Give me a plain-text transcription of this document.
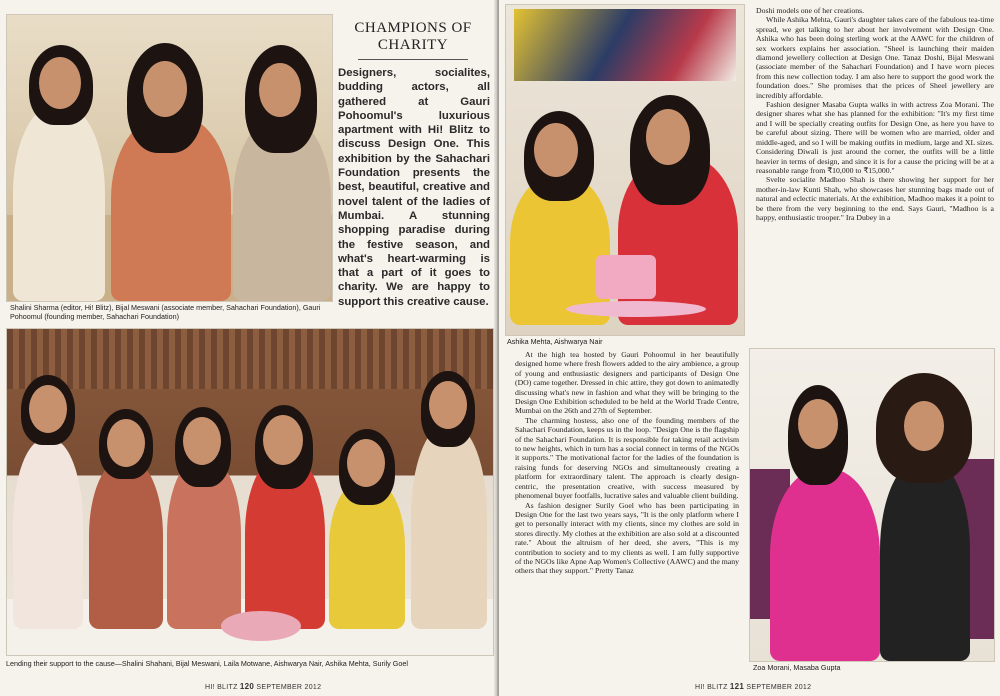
Shalini Sharma (editor, Hi! Blitz), Bijal Meswani (associate member, Sahachari Foundation), Gauri Pohoomul (founding member, Sahachari Foundation)
CHAMPIONS OF CHARITY
Designers, socialites, budding actors, all gathered at Gauri Pohoomul's luxurious apartment with Hi! Blitz to discuss Design One. This exhibition by the Sahachari Foundation presents the best, beautiful, creative and novel talent of the ladies of Mumbai. A stunning shopping paradise during the festive season, and what's heart-warming is that a part of it goes to charity. We are happy to support this creative cause.
Lending their support to the cause—Shalini Shahani, Bijal Meswani, Laila Motwane, Aishwarya Nair, Ashika Mehta, Surily Goel
HI! BLITZ 120 SEPTEMBER 2012
Ashika Mehta, Aishwarya Nair

Doshi models one of her creations.

While Ashika Mehta, Gauri's daughter takes care of the fabulous tea-time spread, we get talking to her about her involvement with Design One. Ashika who has been doing sterling work at the AAWC for the children of sex workers explains her association. "Sheel is launching their maiden diamond jewellery collection at Design One. Tanaz Doshi, Bijal Meswani (associate member of the Sahachari Foundation) and I have worn pieces from this new collection today. I am also here to support the good work the foundation does." She promises that the prices of Sheel jewellery are incredibly affordable.

Fashion designer Masaba Gupta walks in with actress Zoa Morani. The designer shares what she has planned for the exhibition: "It's my first time and I will be specially creating outfits for Design One, as here you have to be careful about sizing. There will be women who are married, older and middle-aged, and so I will be making outfits in medium, large and XL sizes. Considering Diwali is just around the corner, the outfits will be a little heavier in terms of design, and since it is for a cause the pricing will be at a reasonable range from ₹10,000 to ₹15,000."

Svelte socialite Madhoo Shah is there showing her support for her mother-in-law Kunti Shah, who showcases her stunning bags made out of natural and eclectic materials. At the exhibition, Madhoo makes it a point to be there from the very beginning to the end. Says Gauri, "Madhoo is a happy, enthusiastic trooper." Ira Dubey in a

At the high tea hosted by Gauri Pohoomul in her beautifully designed home where fresh flowers added to the airy ambience, a group of young and enthusiastic designers and participants of Design One (DO) came together. Dressed in chic attire, they got down to animatedly discussing what's new in fashion and what they will be bringing to the Design One Exhibition scheduled to be held at the World Trade Centre, Mumbai on the 26th and 27th of September.

The charming hostess, also one of the founding members of the Sahachari Foundation, keeps us in the loop. "Design One is the flagship of the Sahachari Foundation. It is responsible for taking retail activism to new heights, which in turn has a social connect in terms of the NGOs it supports." The motivational factor for the ladies of the foundation is raising funds for deserving NGOs and simultaneously creating a platform for extraordinary talent. The approach is clearly design-centric, the presentation creative, with success measured by phenomenal buyer footfalls, lucrative sales and valuable client building.

As fashion designer Surily Goel who has been participating in Design One for the last two years says, "It is the only platform where I get to personally interact with my clients, since my clothes are sold in stores directly. My clothes at the exhibition are also sold at a discounted rate." About the altruism of her deed, she avers, "This is my contribution to society and to my clients as well. I am fully supportive of the NGOs like Apne Aap Women's Collective (AAWC) and the many others that they support." Pretty Tanaz

Zoa Morani, Masaba Gupta
HI! BLITZ 121 SEPTEMBER 2012
